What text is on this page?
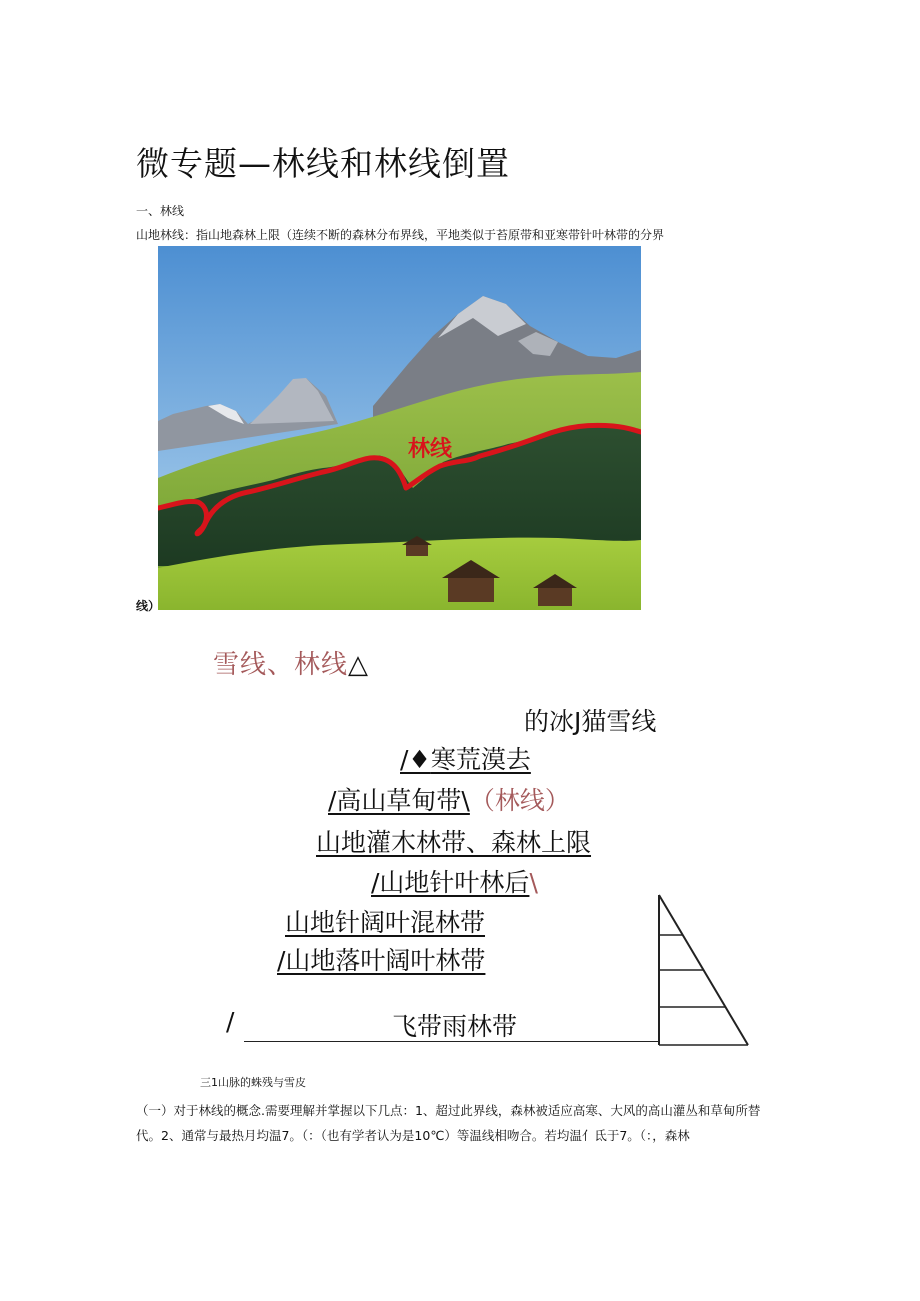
微专题—林线和林线倒置
一、林线
山地林线：指山地森林上限（连续不断的森林分布界线，平地类似于苔原带和亚寒带针叶林带的分界
林线
线）
雪线、林线△
的冰J猫雪线
/♦寒荒漠去
/高山草甸带\（林线）
山地灌木林带、森林上限
/山地针叶林后\
山地针阔叶混林带
/山地落叶阔叶林带
/	飞带雨林带
三1山脉的蛛残与雪皮
（一）对于林线的概念.需要理解并掌握以下几点：1、超过此界线，森林被适应高寒、大风的高山灌丛和草甸所替
代。2、通常与最热月均温7。（：（也有学者认为是10℃）等温线相吻合。若均温亻氐于7。（：，森林
